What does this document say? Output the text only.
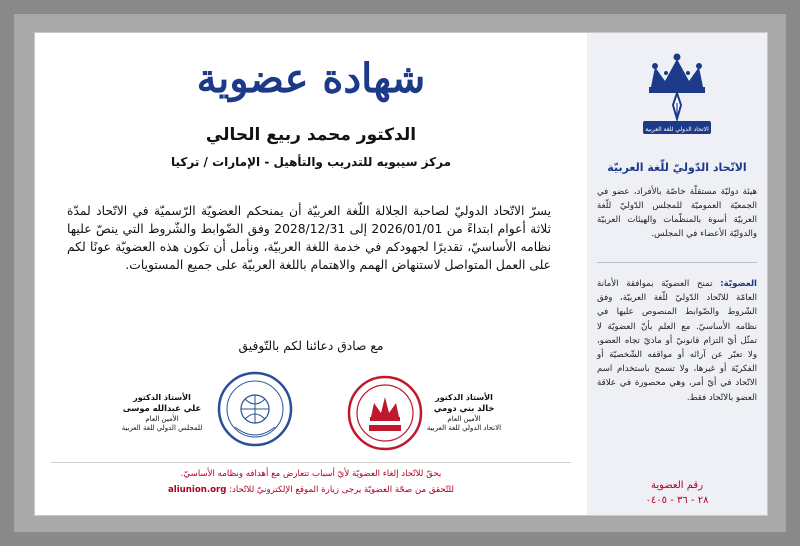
الاتحاد الدولي للغة العربية
الاتّحاد الدّوليّ للّغة العربيّة
هيئة دوليّة مستقلّة خاصّة بالأفراد، عضو في الجمعيّة العموميّة للمجلس الدّوليّ للّغة العربيّة أسوة بالمنظّمات والهيئات العربيّة والدوليّة الأعضاء في المجلس.
العضويّة: تمنح العضويّة بموافقة الأمانة العامّة للاتّحاد الدّوليّ للّغة العربيّة، وفق الشّروط والضّوابط المنصوص عليها في نظامه الأساسيّ. مع العلم بأنّ العضويّة لا تمثّل أيّ التزام قانونيّ أو ماديّ تجاه العضو، ولا تعبّر عن آرائه أو مواقفه الشّخصيّة أو الفكريّة أو غيرها، ولا تسمح باستخدام اسم الاتّحاد في أيّ أمر، وهي محصورة في علاقة العضو بالاتّحاد فقط.
رقم العضوية
٢٨ - ٣٦ - ٠٤٠٥
شهادة عضوية
الدكتور محمد ربيع الحالي
مركز سيبويه للتدريب والتأهيل - الإمارات / تركيا
يسرّ الاتّحاد الدوليّ لصاحبة الجلالة اللّغة العربيّة أن يمنحكم العضويّة الرّسميّة في الاتّحاد لمدّة ثلاثة أعوام ابتداءً من 2026/01/01 إلى 2028/12/31 وفق الضّوابط والشّروط التي ينصّ عليها نظامه الأساسيّ، تقديرًا لجهودكم في خدمة اللغة العربيّة، ونأمل أن تكون هذه العضويّة عونًا لكم على العمل المتواصل لاستنهاض الهمم والاهتمام باللغة العربيّة على جميع المستويات.
مع صادق دعائنا لكم بالتّوفيق
الأستاذ الدكتور
خالد بني دومي
الأمين العام
الاتحاد الدولي للغة العربية
الأستاذ الدكتور
علي عبدالله موسى
الأمين العام
للمجلس الدولي للغة العربية
يحقّ للاتّحاد إلغاء العضويّة لأيّ أسباب تتعارض مع أهدافه ونظامه الأساسيّ.
للتّحقق من صحّة العضويّة يرجى زيارة الموقع الإلكترونيّ للاتّحاد: aliunion.org
